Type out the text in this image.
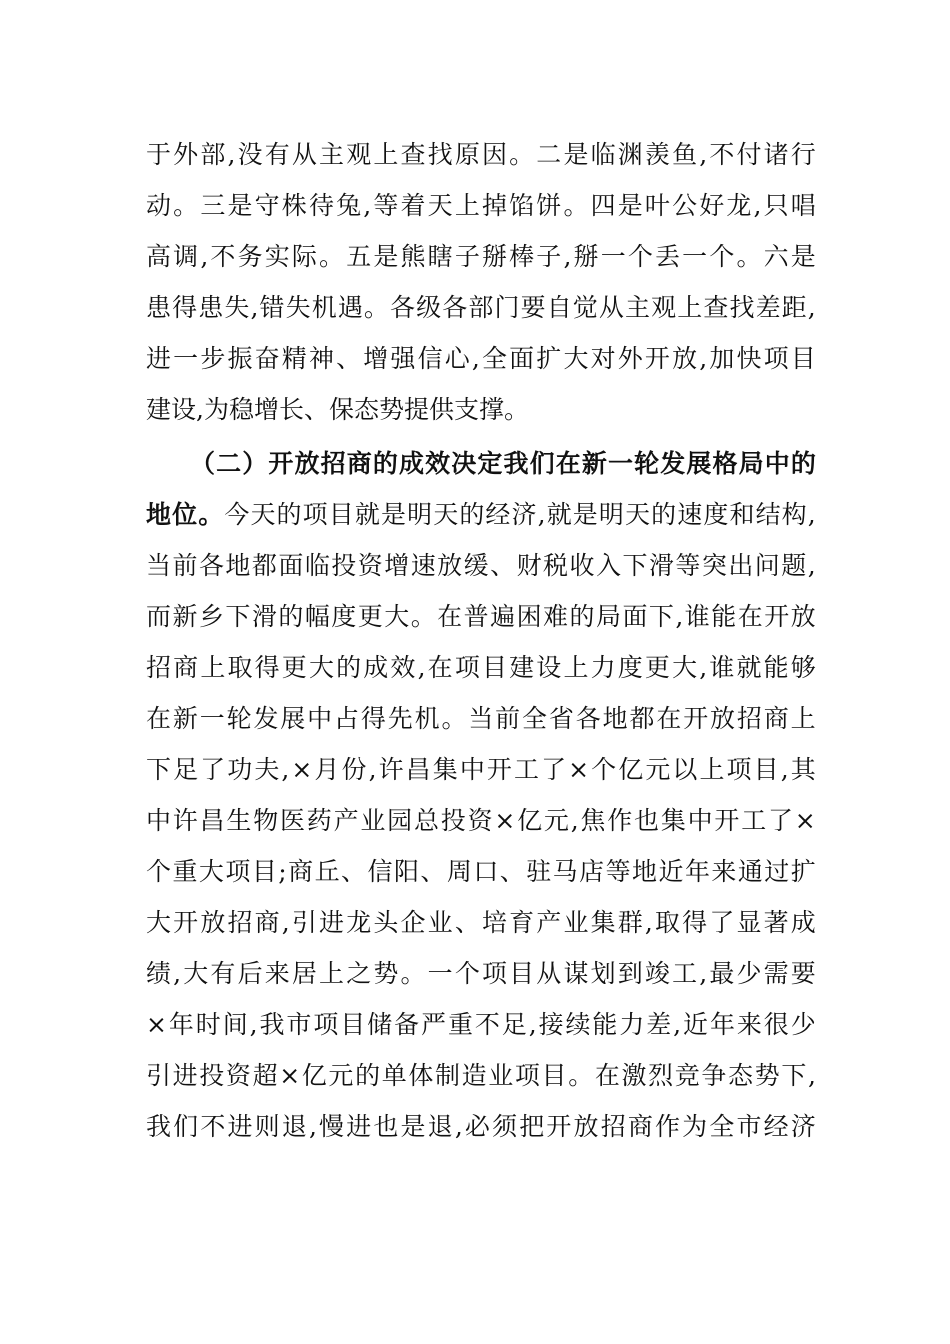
于 外 部 , 没 有 从 主 观 上 查 找 原 因 。 二 是 临 渊 羡 鱼 , 不 付 诸 行
动 。 三 是 守 株 待 兔 , 等 着 天 上 掉 馅 饼 。 四 是 叶 公 好 龙 , 只 唱
高 调 , 不 务 实 际 。 五 是 熊 瞎 子 掰 棒 子 , 掰 一 个 丢 一 个 。 六 是
患 得 患 失 , 错 失 机 遇 。 各 级 各 部 门 要 自 觉 从 主 观 上 查 找 差 距 ,
进 一 步 振 奋 精 神 、 增 强 信 心 , 全 面 扩 大 对 外 开 放 , 加 快 项 目
建设,为稳增长、保态势提供支撑。
（ 二 ） 开 放 招 商 的 成 效 决 定 我 们 在 新 一 轮 发 展 格 局 中 的
地 位 。 今 天 的 项 目 就 是 明 天 的 经 济 , 就 是 明 天 的 速 度 和 结 构 ,
当 前 各 地 都 面 临 投 资 增 速 放 缓 、 财 税 收 入 下 滑 等 突 出 问 题 ,
而 新 乡 下 滑 的 幅 度 更 大 。 在 普 遍 困 难 的 局 面 下 , 谁 能 在 开 放
招 商 上 取 得 更 大 的 成 效 , 在 项 目 建 设 上 力 度 更 大 , 谁 就 能 够
在 新 一 轮 发 展 中 占 得 先 机 。 当 前 全 省 各 地 都 在 开 放 招 商 上
下 足 了 功 夫 , × 月 份 , 许 昌 集 中 开 工 了 × 个 亿 元 以 上 项 目 , 其
中 许 昌 生 物 医 药 产 业 园 总 投 资 × 亿 元 , 焦 作 也 集 中 开 工 了 ×
个 重 大 项 目 ; 商 丘 、 信 阳 、 周 口 、 驻 马 店 等 地 近 年 来 通 过 扩
大 开 放 招 商 , 引 进 龙 头 企 业 、 培 育 产 业 集 群 , 取 得 了 显 著 成
绩 , 大 有 后 来 居 上 之 势 。 一 个 项 目 从 谋 划 到 竣 工 , 最 少 需 要
× 年 时 间 , 我 市 项 目 储 备 严 重 不 足 , 接 续 能 力 差 , 近 年 来 很 少
引 进 投 资 超 × 亿 元 的 单 体 制 造 业 项 目 。 在 激 烈 竞 争 态 势 下 ,
我 们 不 进 则 退 , 慢 进 也 是 退 , 必 须 把 开 放 招 商 作 为 全 市 经 济
